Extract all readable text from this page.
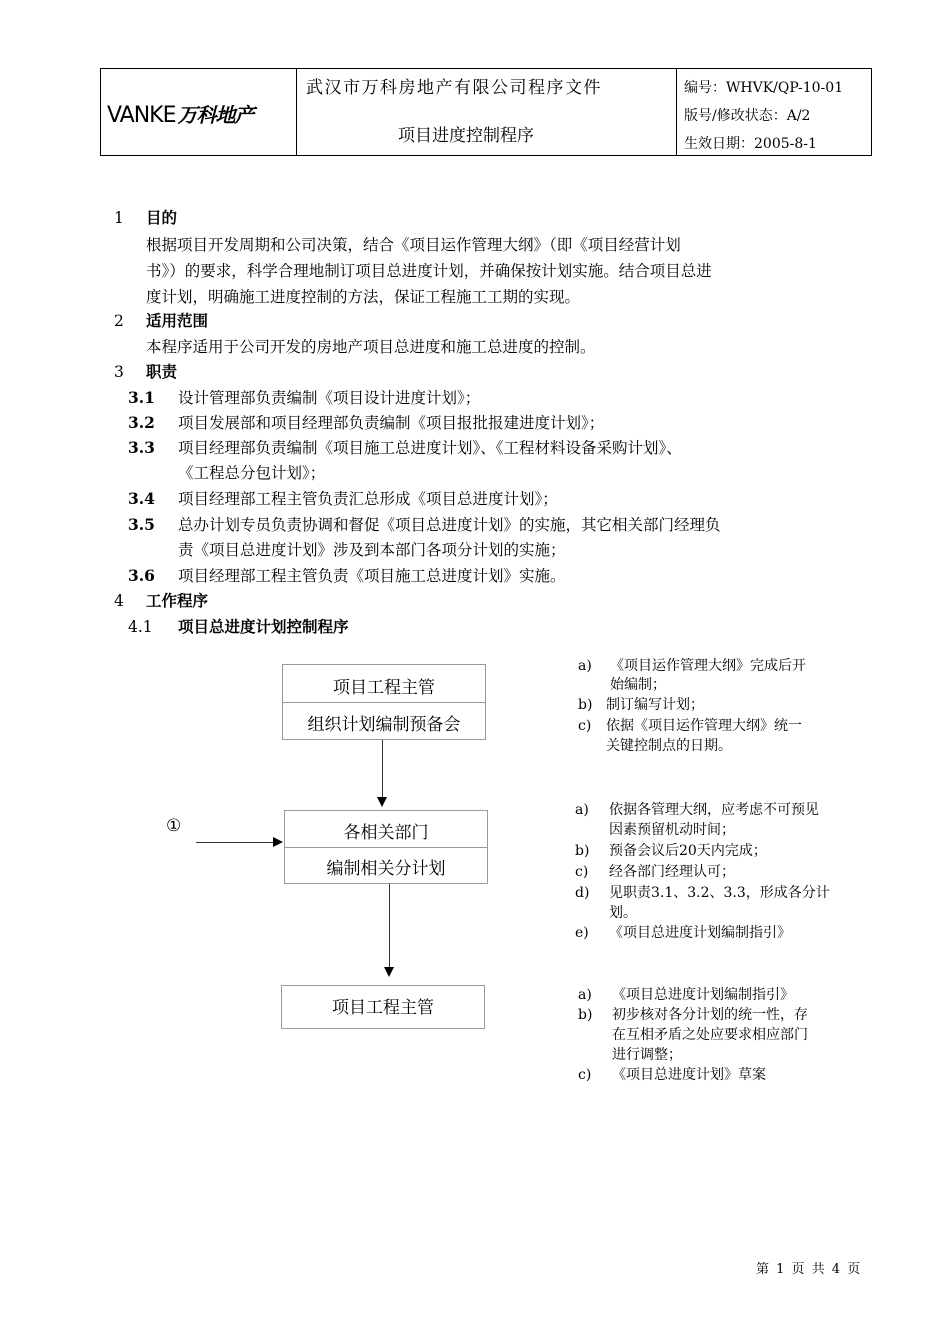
VANKE 万科地产
武汉市万科房地产有限公司程序文件
项目进度控制程序
编号：WHVK/QP-10-01
版号/修改状态：A/2
生效日期：2005-8-1
1 目的
根据项目开发周期和公司决策，结合《项目运作管理大纲》（即《项目经营计划
书》）的要求，科学合理地制订项目总进度计划，并确保按计划实施。结合项目总进
度计划，明确施工进度控制的方法，保证工程施工工期的实现。
2 适用范围
本程序适用于公司开发的房地产项目总进度和施工总进度的控制。
3 职责
3.1 设计管理部负责编制《项目设计进度计划》；
3.2 项目发展部和项目经理部负责编制《项目报批报建进度计划》；
3.3 项目经理部负责编制《项目施工总进度计划》、《工程材料设备采购计划》、
《工程总分包计划》；
3.4 项目经理部工程主管负责汇总形成《项目总进度计划》；
3.5 总办计划专员负责协调和督促《项目总进度计划》的实施，其它相关部门经理负
责《项目总进度计划》涉及到本部门各项分计划的实施；
3.6 项目经理部工程主管负责《项目施工总进度计划》实施。
4 工作程序
4.1 项目总进度计划控制程序
项目工程主管
组织计划编制预备会
各相关部门
编制相关分计划
①
项目工程主管
a) 《项目运作管理大纲》完成后开
始编制；
b) 制订编写计划；
c) 依据《项目运作管理大纲》统一
关键控制点的日期。
a) 依据各管理大纲，应考虑不可预见
因素预留机动时间；
b) 预备会议后20天内完成；
c) 经各部门经理认可；
d) 见职责3.1、3.2、3.3，形成各分计
划。
e) 《项目总进度计划编制指引》
a) 《项目总进度计划编制指引》
b) 初步核对各分计划的统一性，存
在互相矛盾之处应要求相应部门
进行调整；
c) 《项目总进度计划》草案
第 1 页 共 4 页
